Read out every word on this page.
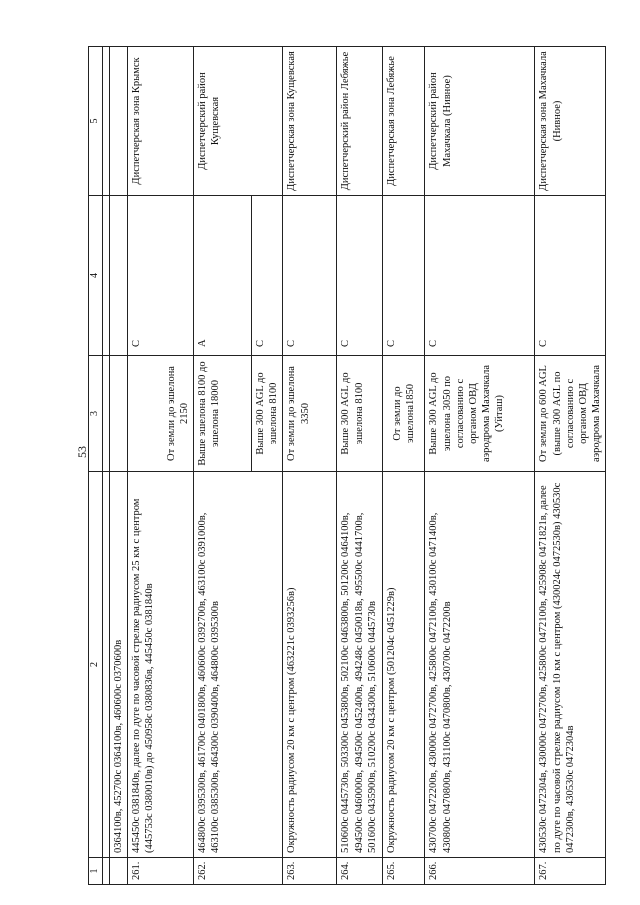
53
1	2	3	4	5

	0364100в, 452700с 0364100в, 460600с 0370600в			
261.	445450с 0381840в, далее по дуге по часовой стрелке радиусом 25 км с центром (445753с 0380010в) до 450958с 0380836в, 445450с 0381840в	От земли до эшелона 2150	С	Диспетчерская зона Крымск
262.	464800с 0395300в, 461700с 0401800в, 460600с 0392700в, 463100с 0391000в, 463100с 0385300в, 464300с 0390400в, 464800с 0395300в	Выше эшелона 8100 до эшелона 18000	А	Диспетчерский район Кущевская
		Выше 300 AGL до эшелона 8100	С	
263.	Окружность радиусом 20 км с центром (463221с 0393256в)	От земли до эшелона 3350	С	Диспетчерская зона Кущевская
264.	510600с 0445730в, 503300с 0453800в, 502100с 0463800в, 501200с 0464100в, 494500с 0460000в, 494500с 0452400в, 494248с 0450018в, 495500с 0441700в, 501600с 0435900в, 510200с 0434300в, 510600с 0445730в	Выше 300 AGL до эшелона 8100	С	Диспетчерский район Лебяжье
265.	Окружность радиусом 20 км с центром (501204с 0451229в)	От земли до эшелона1850	С	Диспетчерская зона Лебяжье
266.	430700с 0472200в, 430000с 0472700в, 425800с 0472100в, 430100с 0471400в, 430800с 0470800в, 431100с 0470800в, 430700с 0472200в	Выше 300 AGL до эшелона 3050 по согласованию с органом ОВД аэродрома Махачкала (Уйташ)	С	Диспетчерский район Махачкала (Нивное)
267.	430530с 0472304в, 430000с 0472700в, 425800с 0472100в, 425908с 0471821в, далее по дуге по часовой стрелке радиусом 10 км с центром (430024с 0472530в) 430530с 0472300в, 430530с 0472304в	От земли до 600 AGL (выше 300 AGL по согласованию с органом ОВД аэродрома Махачкала	С	Диспетчерская зона Махачкала (Нивное)
